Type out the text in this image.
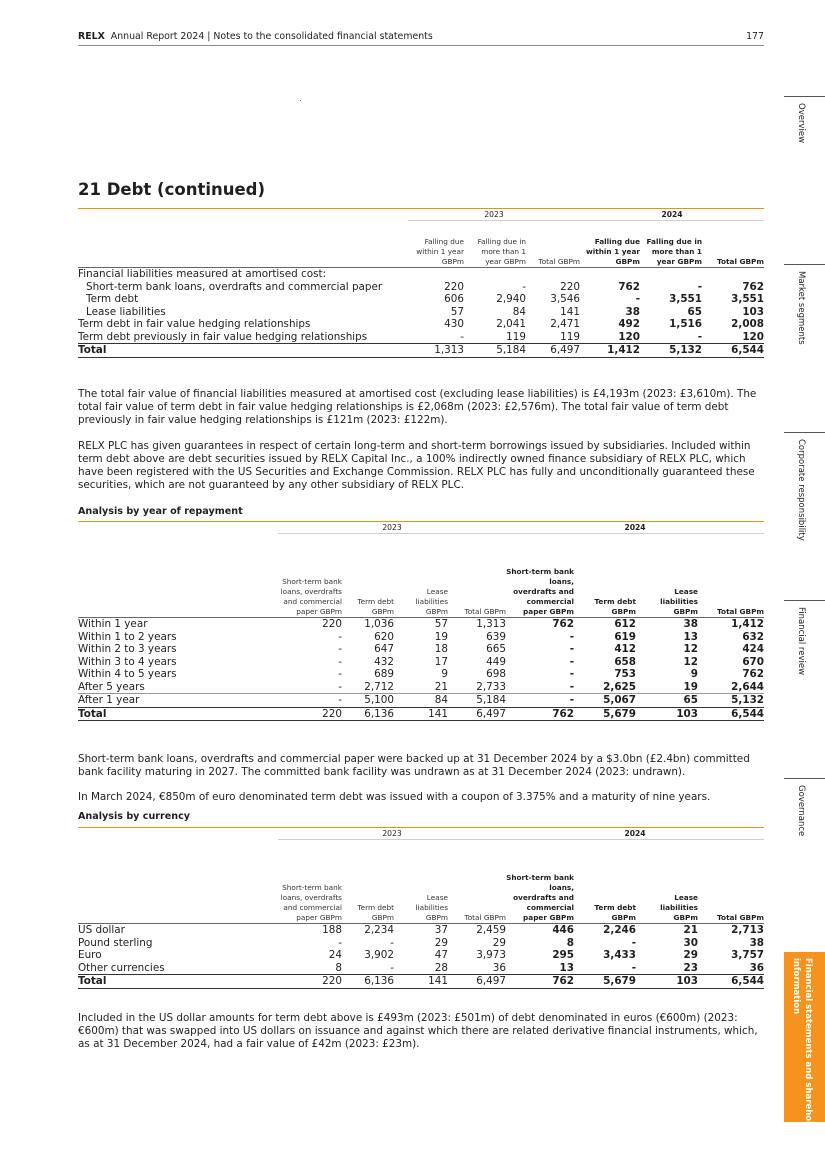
RELX Annual Report 2024 | Notes to the consolidated financial statements	177
Overview
Market segments
Corporate responsibility
Financial review
Governance
Financial statements and shareholder information
21 Debt (continued)
	2023			2024		
	Falling due within 1 year GBPm	Falling due in more than 1 year GBPm	Total GBPm	Falling due within 1 year GBPm	Falling due in more than 1 year GBPm	Total GBPm
Financial liabilities measured at amortised cost:						
Short-term bank loans, overdrafts and commercial paper	220	-	220	762	-	762
Term debt	606	2,940	3,546	-	3,551	3,551
Lease liabilities	57	84	141	38	65	103
Term debt in fair value hedging relationships	430	2,041	2,471	492	1,516	2,008
Term debt previously in fair value hedging relationships	-	119	119	120	-	120
Total	1,313	5,184	6,497	1,412	5,132	6,544

The total fair value of financial liabilities measured at amortised cost (excluding lease liabilities) is £4,193m (2023: £3,610m). The total fair value of term debt in fair value hedging relationships is £2,068m (2023: £2,576m). The total fair value of term debt previously in fair value hedging relationships is £121m (2023: £122m).

RELX PLC has given guarantees in respect of certain long-term and short-term borrowings issued by subsidiaries. Included within term debt above are debt securities issued by RELX Capital Inc., a 100% indirectly owned finance subsidiary of RELX PLC, which have been registered with the US Securities and Exchange Commission. RELX PLC has fully and unconditionally guaranteed these securities, which are not guaranteed by any other subsidiary of RELX PLC.

Analysis by year of repayment

	2023				2024			
	Short-term bank loans, overdrafts and commercial paper GBPm	Term debt GBPm	Lease liabilities GBPm	Total GBPm	Short-term bank loans, overdrafts and commercial paper GBPm	Term debt GBPm	Lease liabilities GBPm	Total GBPm
Within 1 year	220	1,036	57	1,313	762	612	38	1,412
Within 1 to 2 years	-	620	19	639	-	619	13	632
Within 2 to 3 years	-	647	18	665	-	412	12	424
Within 3 to 4 years	-	432	17	449	-	658	12	670
Within 4 to 5 years	-	689	9	698	-	753	9	762
After 5 years	-	2,712	21	2,733	-	2,625	19	2,644
After 1 year	-	5,100	84	5,184	-	5,067	65	5,132
Total	220	6,136	141	6,497	762	5,679	103	6,544

Short-term bank loans, overdrafts and commercial paper were backed up at 31 December 2024 by a $3.0bn (£2.4bn) committed bank facility maturing in 2027. The committed bank facility was undrawn as at 31 December 2024 (2023: undrawn).

In March 2024, €850m of euro denominated term debt was issued with a coupon of 3.375% and a maturity of nine years.

Analysis by currency

	2023				2024			
	Short-term bank loans, overdrafts and commercial paper GBPm	Term debt GBPm	Lease liabilities GBPm	Total GBPm	Short-term bank loans, overdrafts and commercial paper GBPm	Term debt GBPm	Lease liabilities GBPm	Total GBPm
US dollar	188	2,234	37	2,459	446	2,246	21	2,713
Pound sterling	-	-	29	29	8	-	30	38
Euro	24	3,902	47	3,973	295	3,433	29	3,757
Other currencies	8	-	28	36	13	-	23	36
Total	220	6,136	141	6,497	762	5,679	103	6,544

Included in the US dollar amounts for term debt above is £493m (2023: £501m) of debt denominated in euros (€600m) (2023: €600m) that was swapped into US dollars on issuance and against which there are related derivative financial instruments, which, as at 31 December 2024, had a fair value of £42m (2023: £23m).
